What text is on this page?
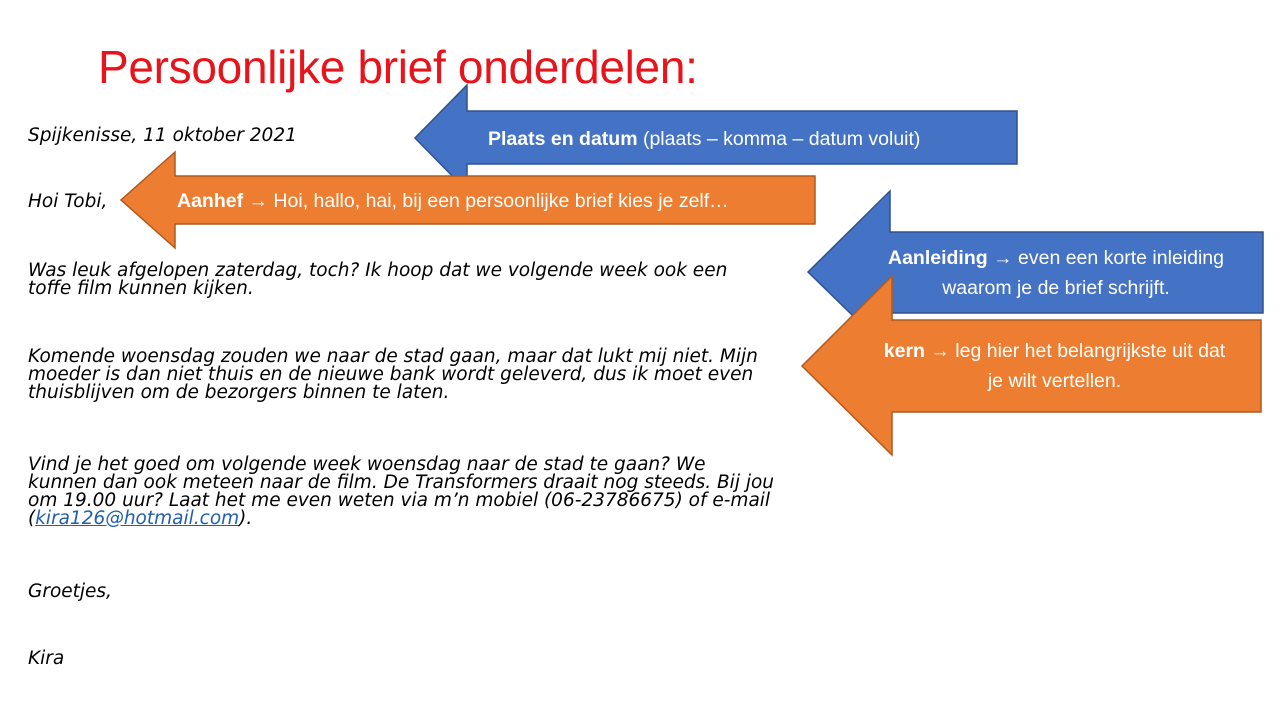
Persoonlijke brief onderdelen:
Plaats en datum (plaats – komma – datum voluit)
Aanhef → Hoi, hallo, hai, bij een persoonlijke brief kies je zelf…
Aanleiding → even een korte inleiding
waarom je de brief schrijft.
kern → leg hier het belangrijkste uit dat
je wilt vertellen.
Spijkenisse, 11 oktober 2021
Hoi Tobi,
Was leuk afgelopen zaterdag, toch? Ik hoop dat we volgende week ook een
toffe film kunnen kijken.
Komende woensdag zouden we naar de stad gaan, maar dat lukt mij niet. Mijn
moeder is dan niet thuis en de nieuwe bank wordt geleverd, dus ik moet even
thuisblijven om de bezorgers binnen te laten.
Vind je het goed om volgende week woensdag naar de stad te gaan? We
kunnen dan ook meteen naar de film. De Transformers draait nog steeds. Bij jou
om 19.00 uur? Laat het me even weten via m’n mobiel (06-23786675) of e-mail
(kira126@hotmail.com).
Groetjes,
Kira
